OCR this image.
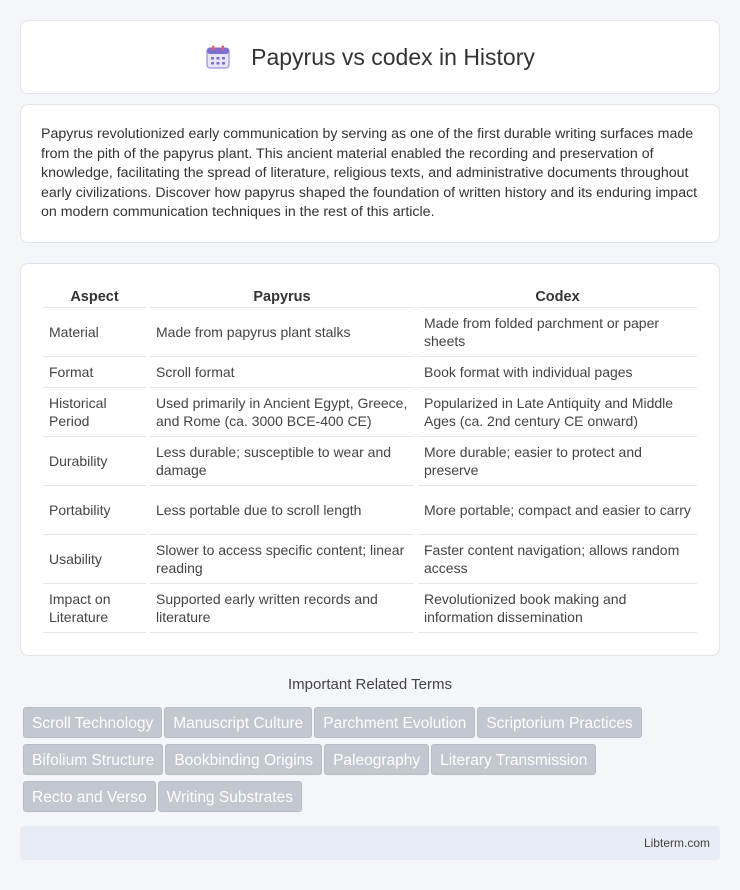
Papyrus vs codex in History

Papyrus revolutionized early communication by serving as one of the first durable writing surfaces made from the pith of the papyrus plant. This ancient material enabled the recording and preservation of knowledge, facilitating the spread of literature, religious texts, and administrative documents throughout early civilizations. Discover how papyrus shaped the foundation of written history and its enduring impact on modern communication techniques in the rest of this article.

Aspect	Papyrus	Codex
Material	Made from papyrus plant stalks	Made from folded parchment or paper sheets
Format	Scroll format	Book format with individual pages
Historical Period	Used primarily in Ancient Egypt, Greece, and Rome (ca. 3000 BCE-400 CE)	Popularized in Late Antiquity and Middle Ages (ca. 2nd century CE onward)
Durability	Less durable; susceptible to wear and damage	More durable; easier to protect and preserve
Portability	Less portable due to scroll length	More portable; compact and easier to carry
Usability	Slower to access specific content; linear reading	Faster content navigation; allows random access
Impact on Literature	Supported early written records and literature	Revolutionized book making and information dissemination
Important Related Terms
Scroll Technology Manuscript Culture Parchment Evolution Scriptorium Practices
Bifolium Structure Bookbinding Origins Paleography Literary Transmission
Recto and Verso Writing Substrates
Libterm.com
